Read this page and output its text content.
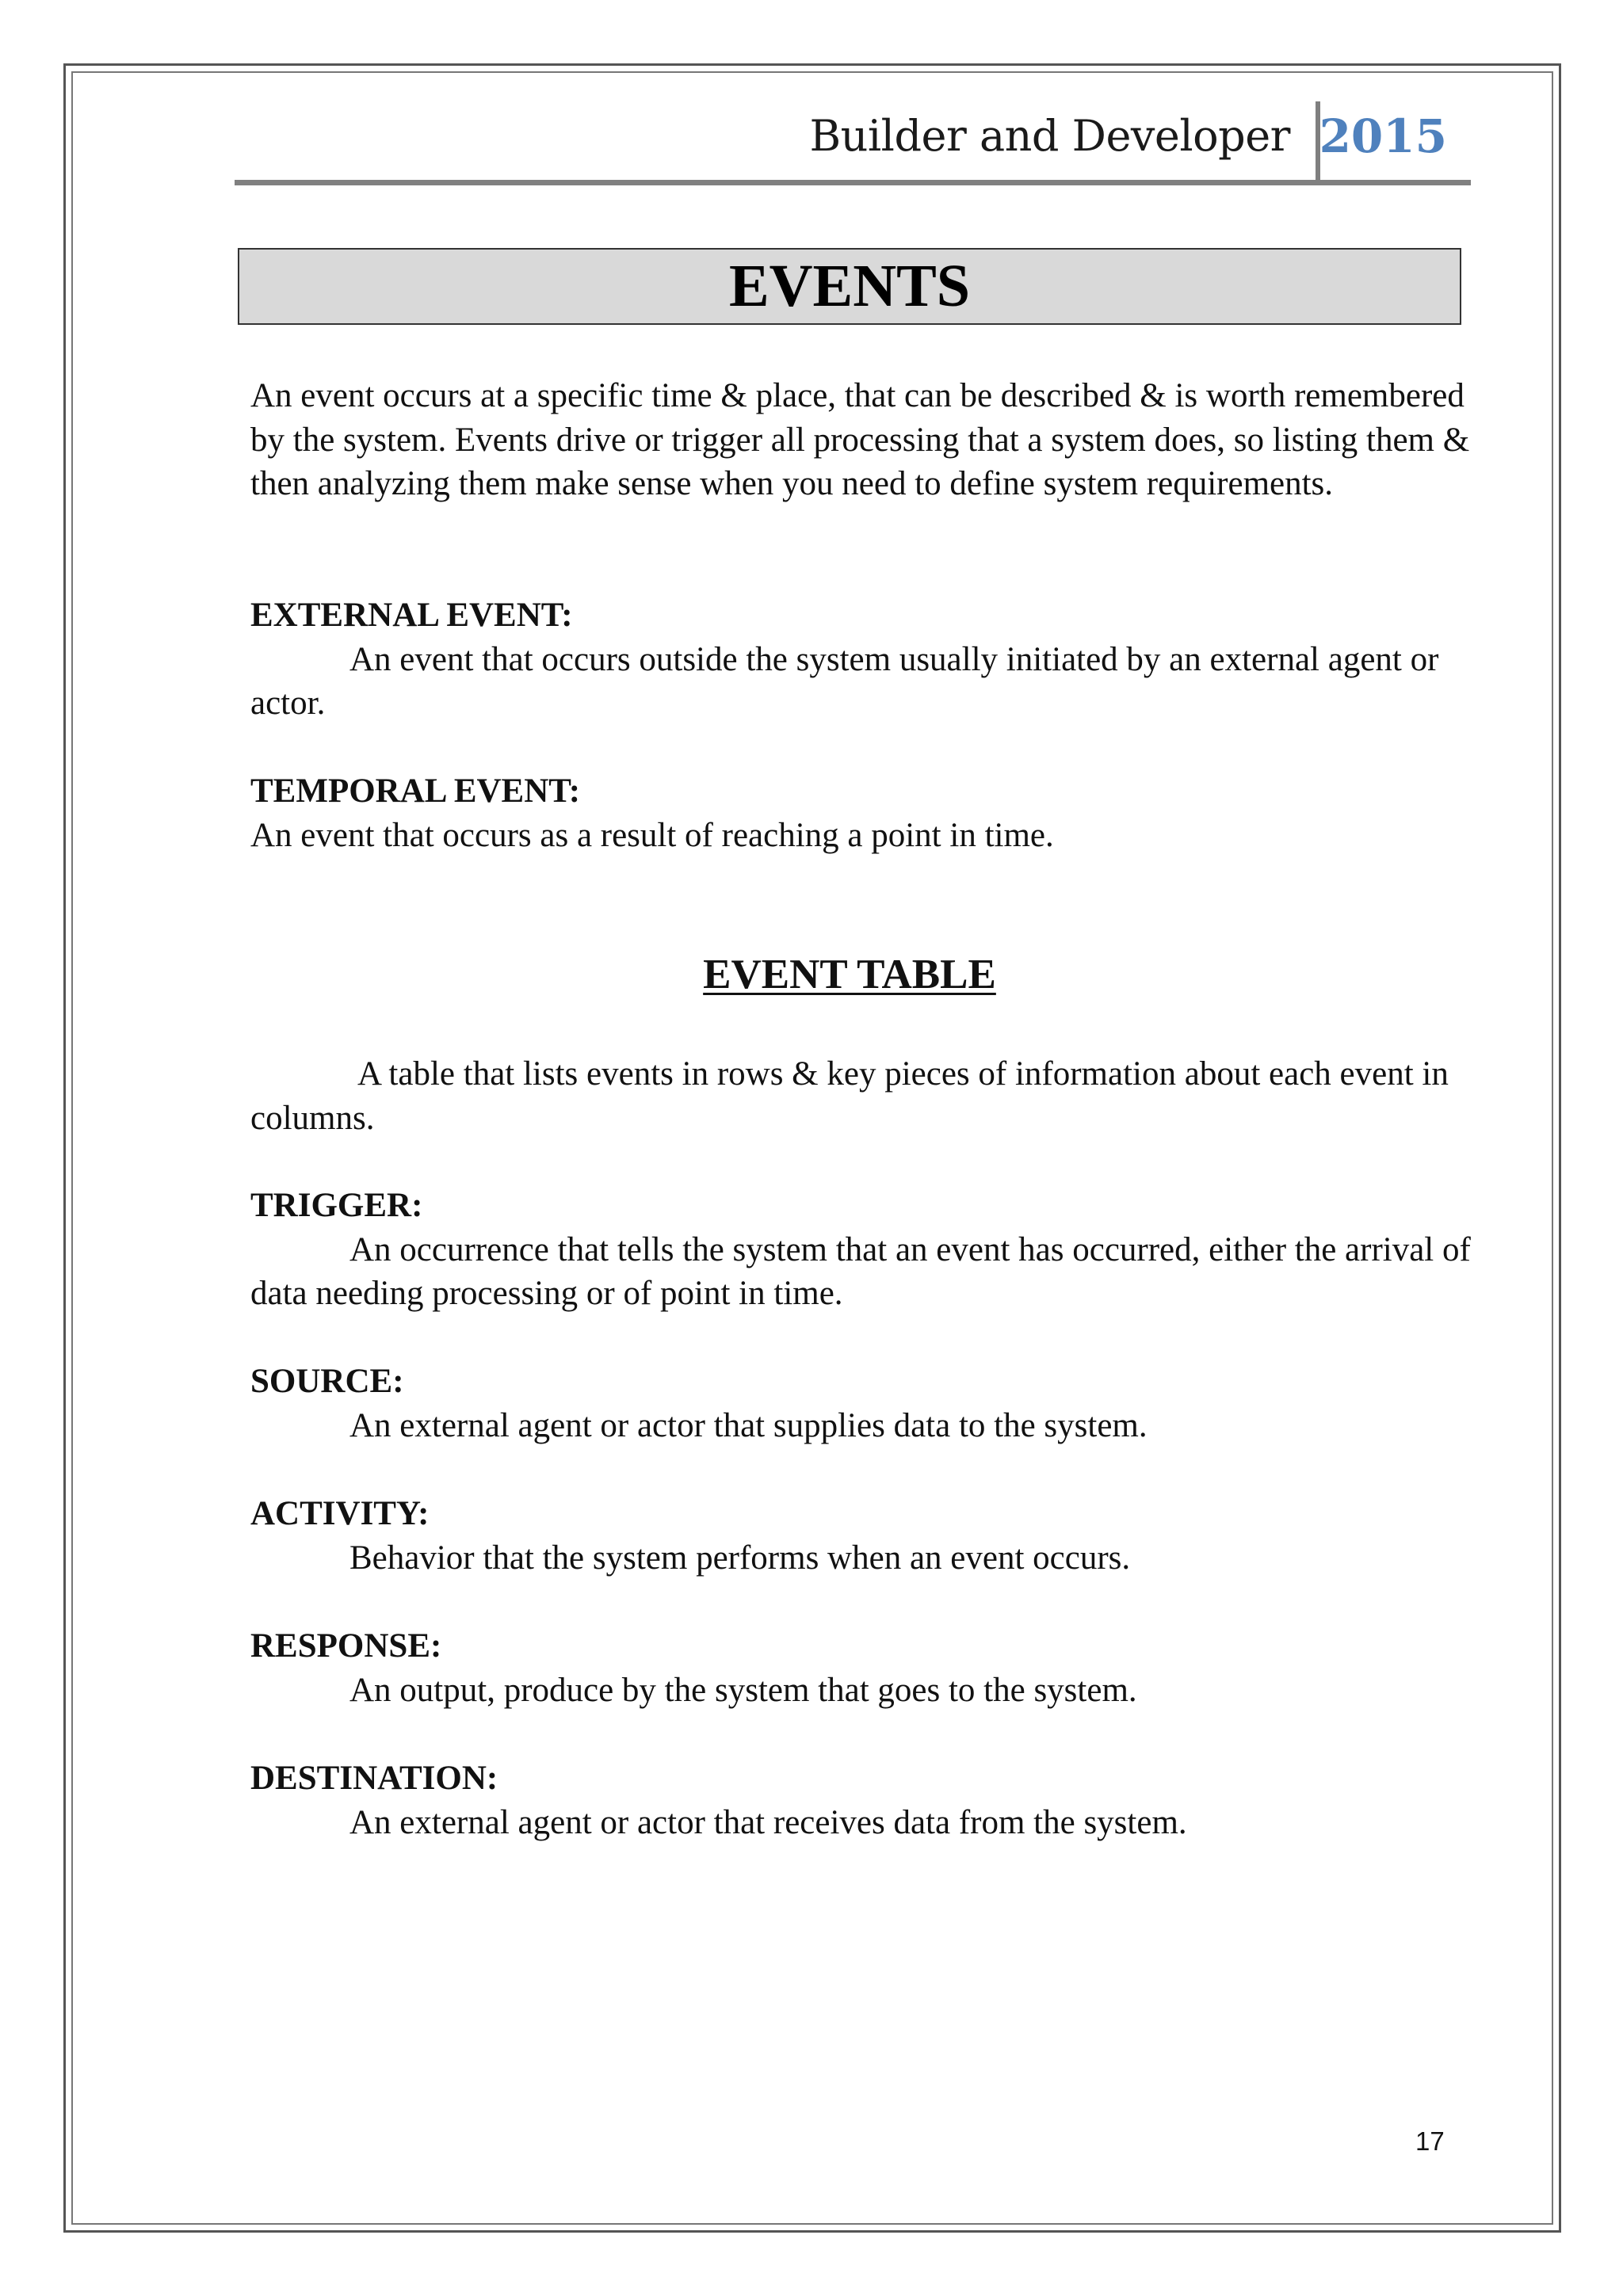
Builder and Developer 2015
EVENTS

An event occurs at a specific time & place, that can be described & is worth remembered by the system. Events drive or trigger all processing that a system does, so listing them & then analyzing them make sense when you need to define system requirements.

EXTERNAL EVENT:

An event that occurs outside the system usually initiated by an external agent or actor.

TEMPORAL EVENT:

An event that occurs as a result of reaching a point in time.

EVENT TABLE

A table that lists events in rows & key pieces of information about each event in columns.

TRIGGER:

An occurrence that tells the system that an event has occurred, either the arrival of data needing processing or of point in time.

SOURCE:

An external agent or actor that supplies data to the system.

ACTIVITY:

Behavior that the system performs when an event occurs.

RESPONSE:

An output, produce by the system that goes to the system.

DESTINATION:

An external agent or actor that receives data from the system.

17
